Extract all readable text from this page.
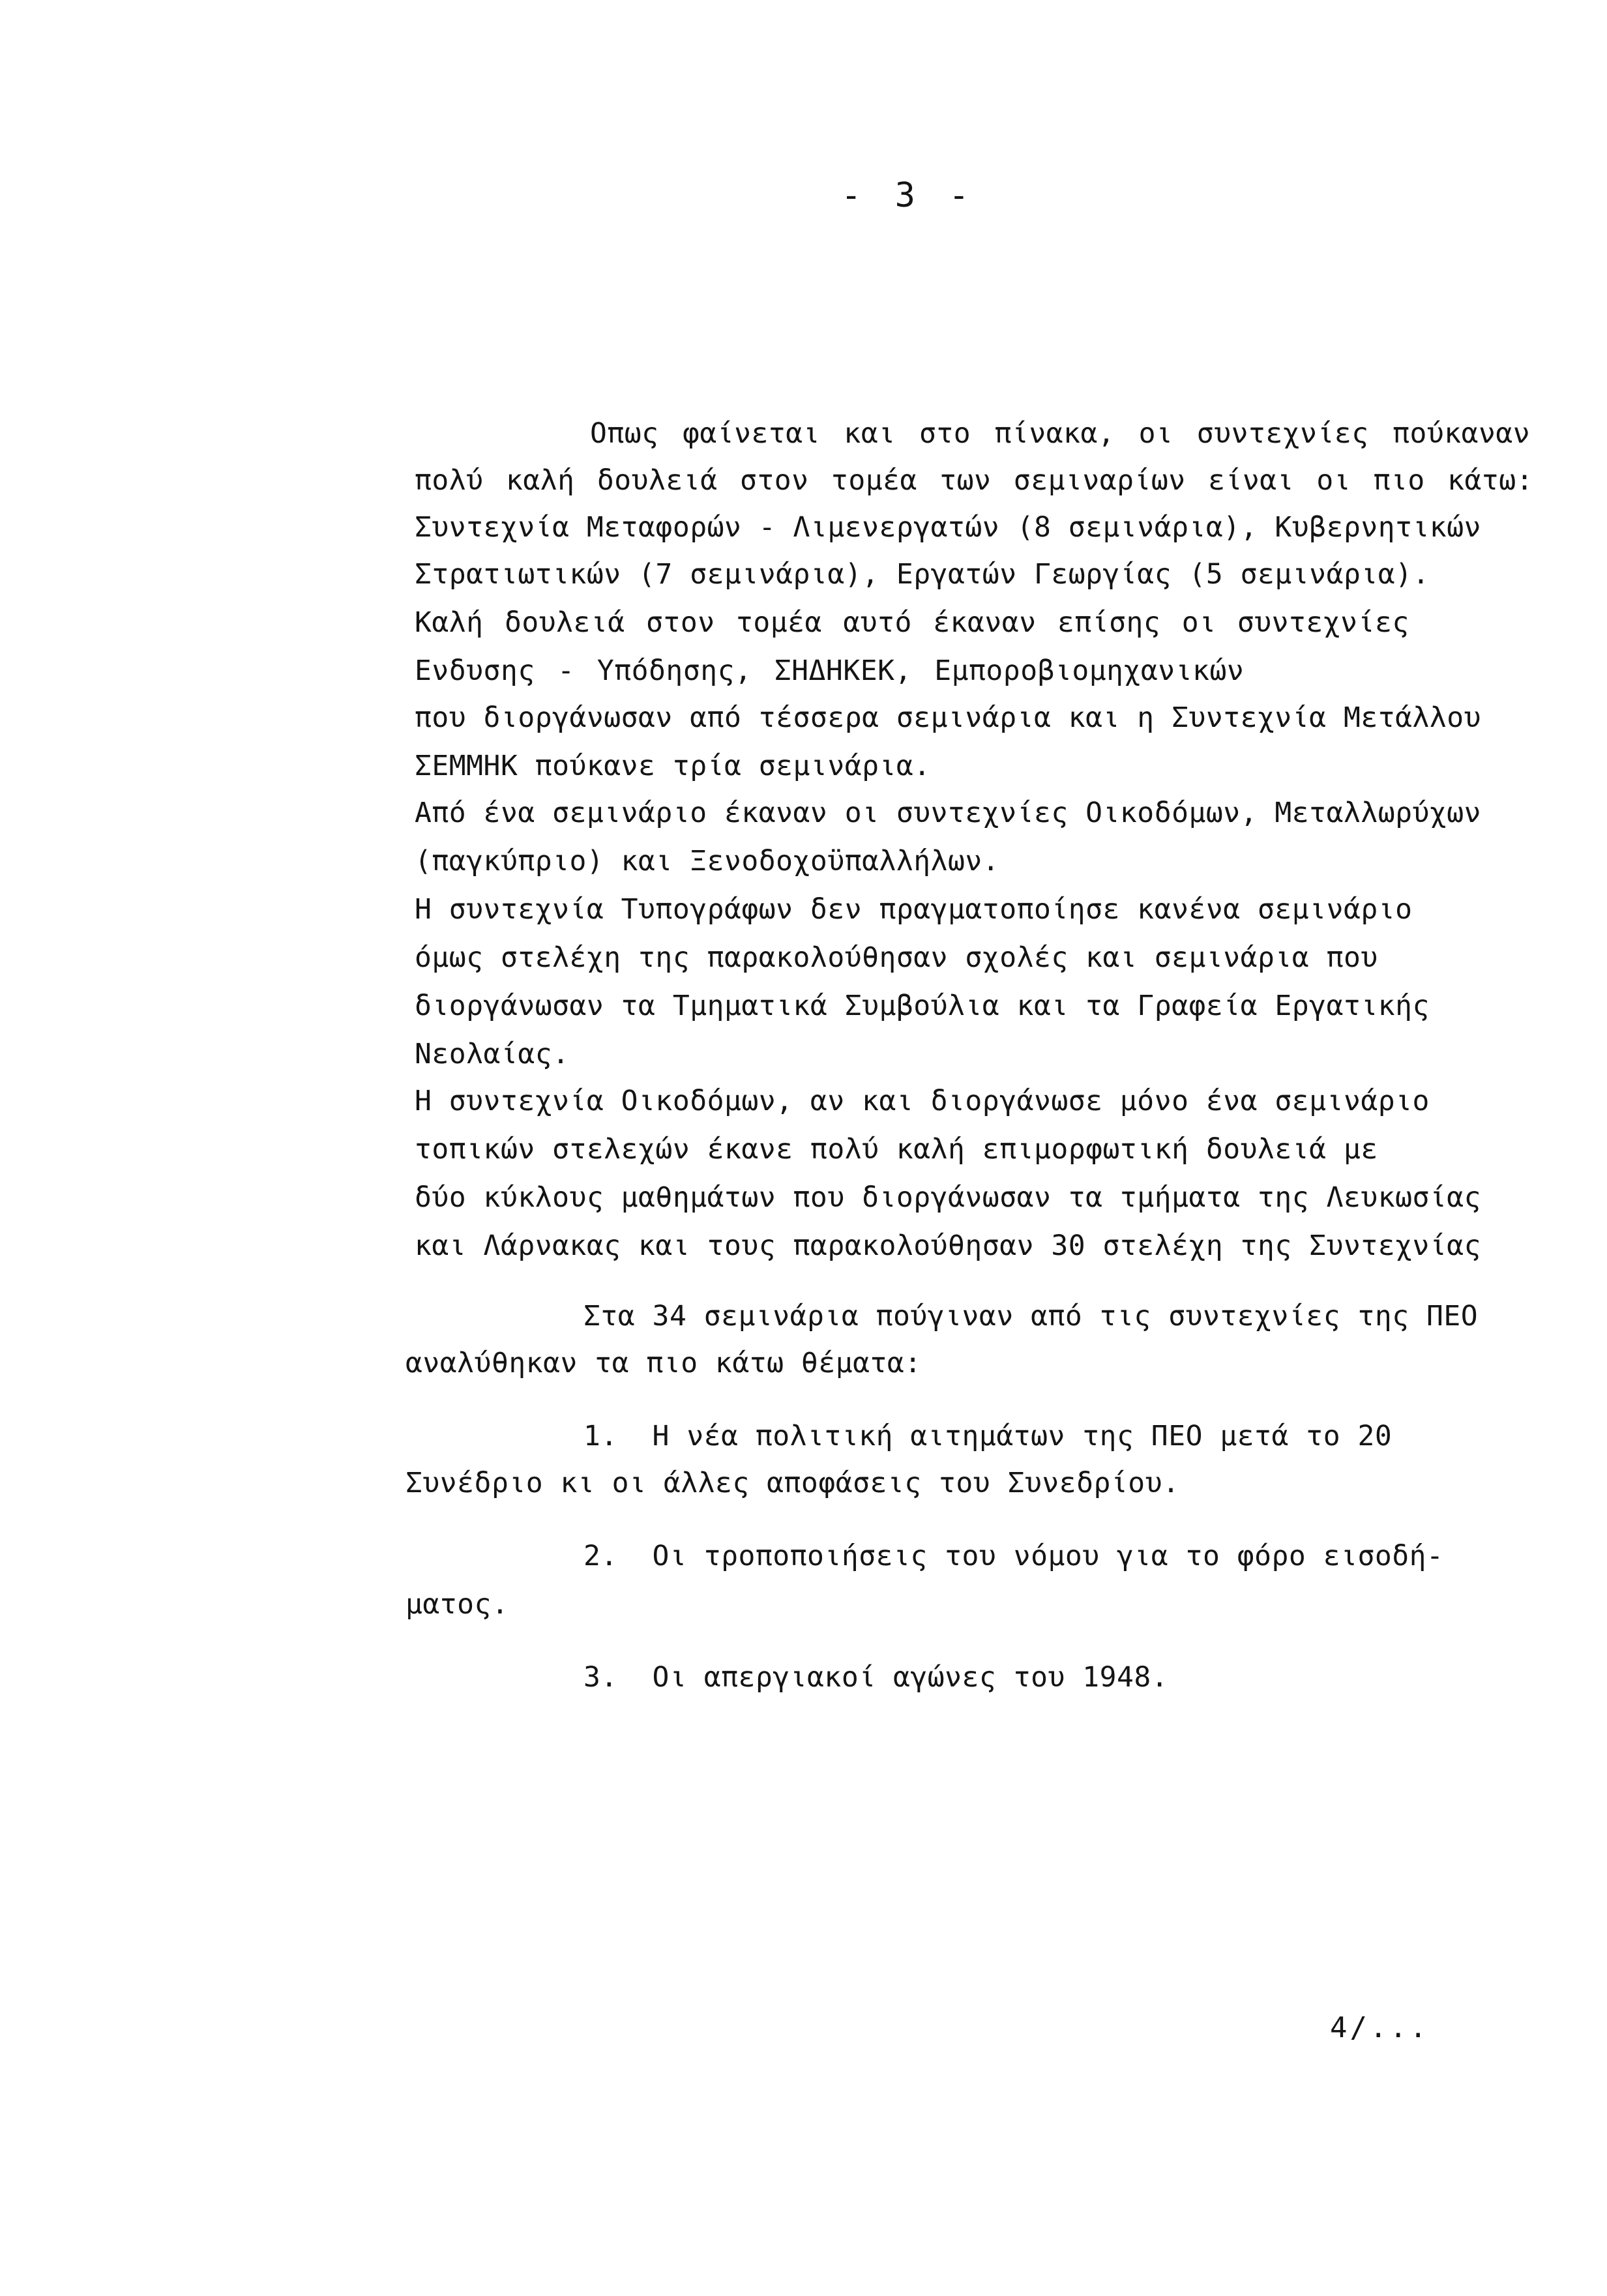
- 3 -
Οπως φαίνεται και στο πίνακα, οι συντεχνίες πούκαναν
πολύ καλή δουλειά στον τομέα των σεμιναρίων είναι οι πιο κάτω:
Συντεχνία Μεταφορών - Λιμενεργατών (8 σεμινάρια), Κυβερνητικών
Στρατιωτικών (7 σεμινάρια), Εργατών Γεωργίας (5 σεμινάρια).
Καλή δουλειά στον τομέα αυτό έκαναν επίσης οι συντεχνίες
Ενδυσης - Υπόδησης, ΣΗΔΗΚΕΚ, Εμποροβιομηχανικών
που διοργάνωσαν από τέσσερα σεμινάρια και η Συντεχνία Μετάλλου
ΣΕΜΜΗΚ πούκανε τρία σεμινάρια.
Από ένα σεμινάριο έκαναν οι συντεχνίες Οικοδόμων, Μεταλλωρύχων
(παγκύπριο) και Ξενοδοχοϋπαλλήλων.
Η συντεχνία Τυπογράφων δεν πραγματοποίησε κανένα σεμινάριο
όμως στελέχη της παρακολούθησαν σχολές και σεμινάρια που
διοργάνωσαν τα Τμηματικά Συμβούλια και τα Γραφεία Εργατικής
Νεολαίας.
Η συντεχνία Οικοδόμων, αν και διοργάνωσε μόνο ένα σεμινάριο
τοπικών στελεχών έκανε πολύ καλή επιμορφωτική δουλειά με
δύο κύκλους μαθημάτων που διοργάνωσαν τα τμήματα της Λευκωσίας
και Λάρνακας και τους παρακολούθησαν 30 στελέχη της Συντεχνίας
Στα 34 σεμινάρια πούγιναν από τις συντεχνίες της ΠΕΟ
αναλύθηκαν τα πιο κάτω θέματα:
1.  Η νέα πολιτική αιτημάτων της ΠΕΟ μετά το 20
Συνέδριο κι οι άλλες αποφάσεις του Συνεδρίου.
2.  Οι τροποποιήσεις του νόμου για το φόρο εισοδή-
ματος.
3.  Οι απεργιακοί αγώνες του 1948.
4/...
